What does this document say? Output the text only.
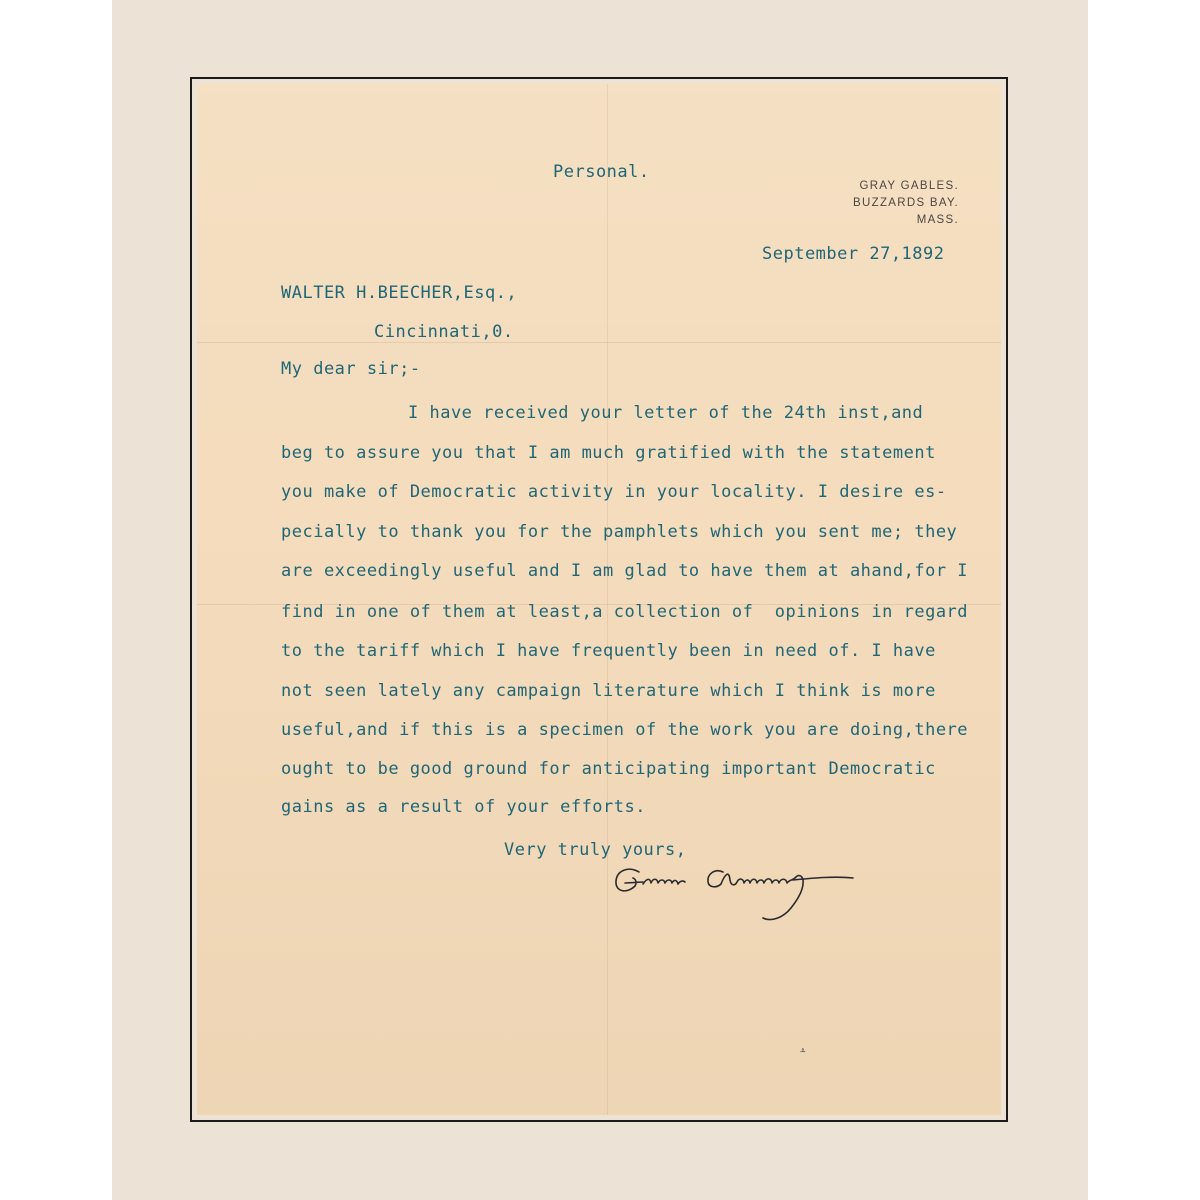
Personal.
GRAY GABLES.
BUZZARDS BAY.
MASS.
September 27,1892
WALTER H.BEECHER,Esq.,
Cincinnati,0.
My dear sir;-
I have received your letter of the 24th inst,and
beg to assure you that I am much gratified with the statement
you make of Democratic activity in your locality. I desire es-
pecially to thank you for the pamphlets which you sent me; they
are exceedingly useful and I am glad to have them at ahand,for I
find in one of them at least,a collection of  opinions in regard
to the tariff which I have frequently been in need of. I have
not seen lately any campaign literature which I think is more
useful,and if this is a specimen of the work you are doing,there
ought to be good ground for anticipating important Democratic
gains as a result of your efforts.
Very truly yours,
⸛
